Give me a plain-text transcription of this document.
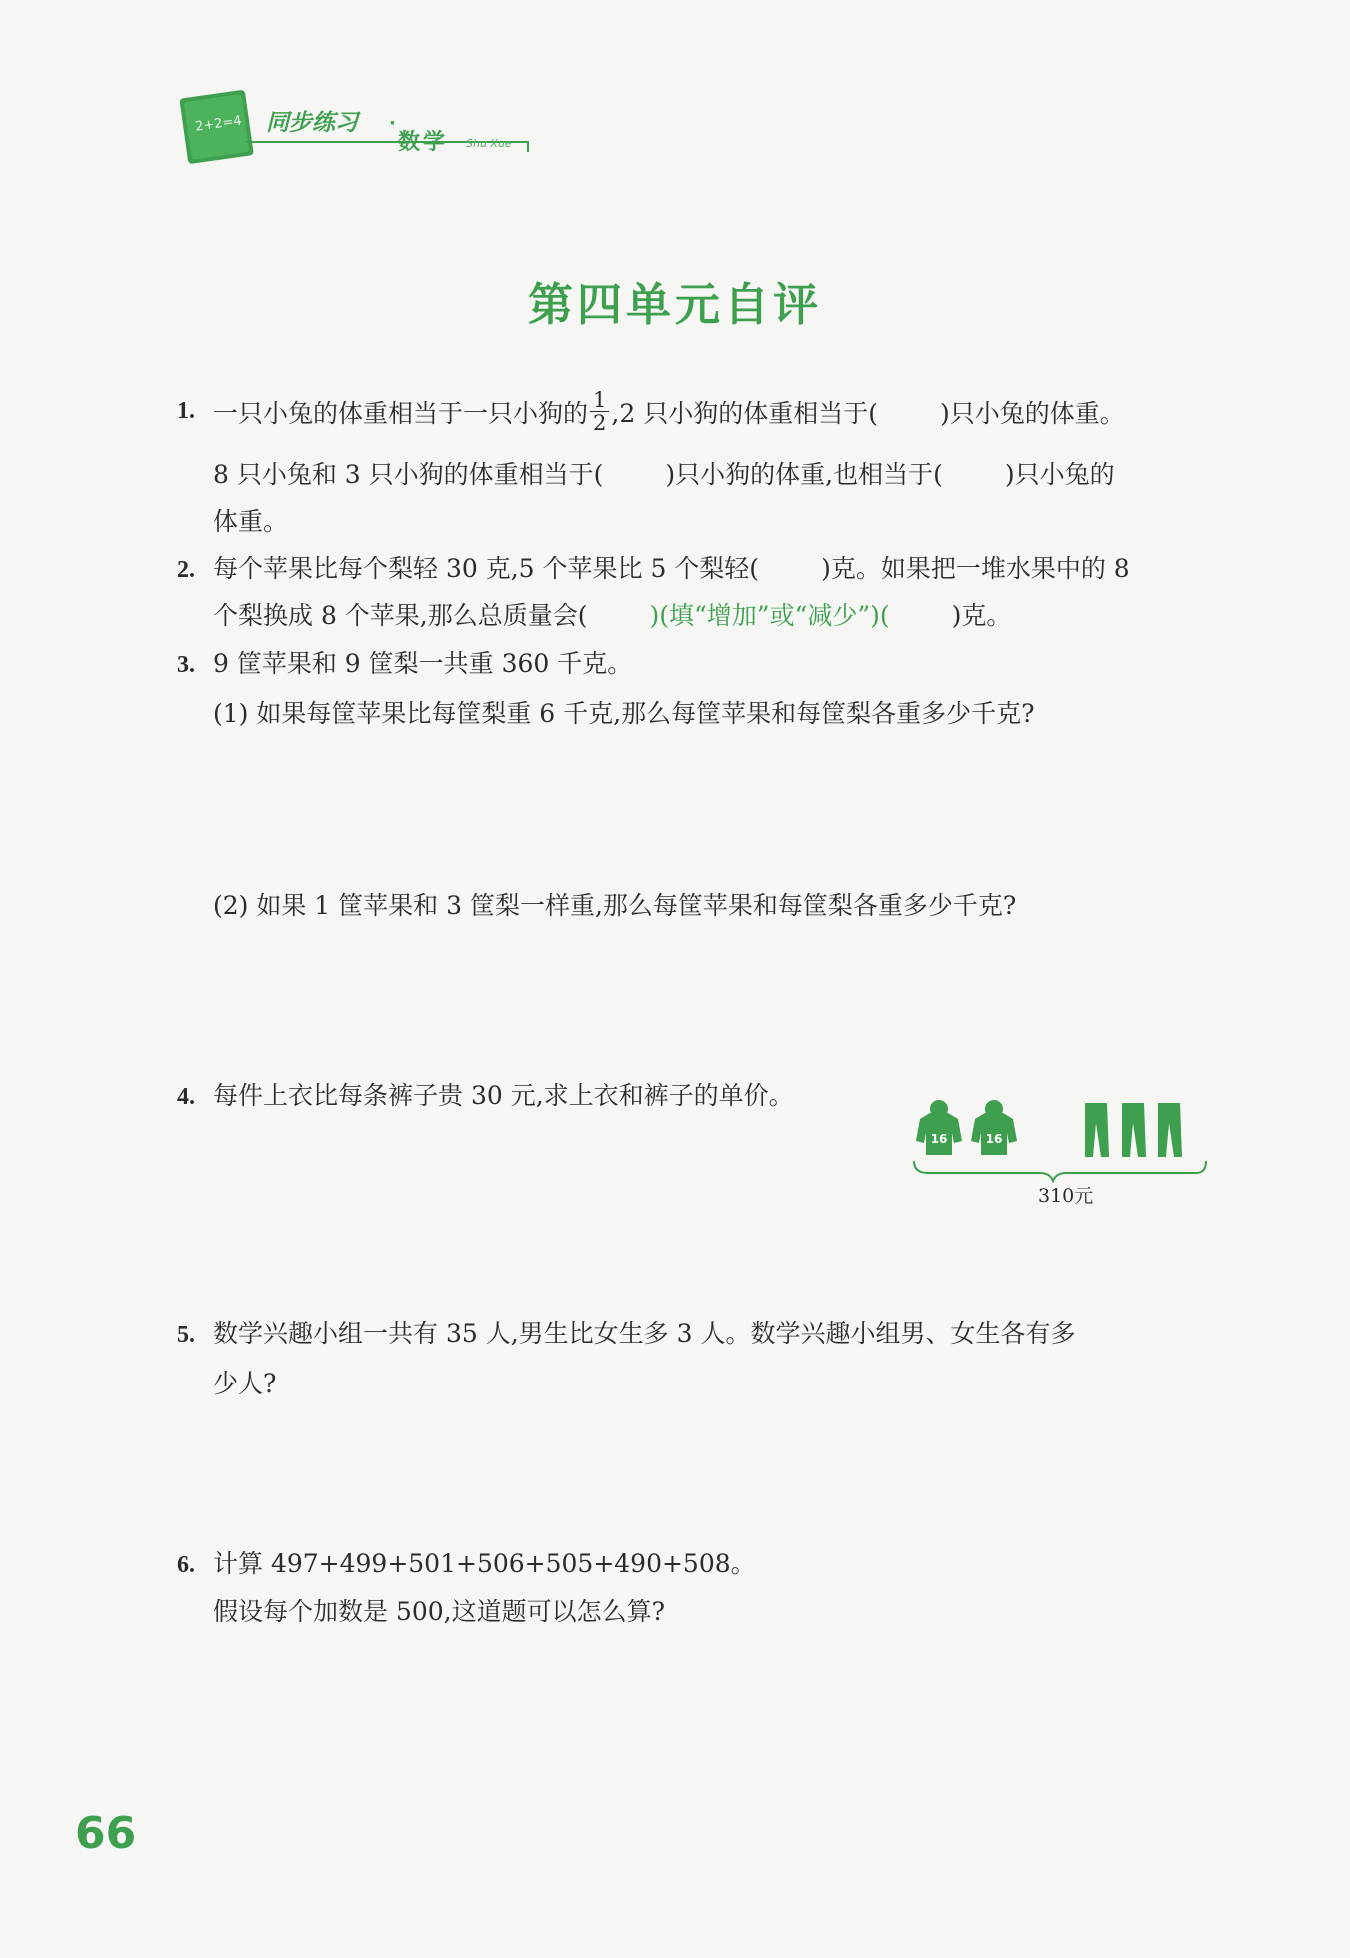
2+2=4 同步练习 ·
数学 Shu Xue
第四单元自评
1. 一只小兔的体重相当于一只小狗的 $\frac{1}{2} ,2$ 只小狗的体重相当于( )只小兔的体重。
8 只小兔和 3 只小狗的体重相当于( )只小狗的体重,也相当于( )只小兔的
体重。
2. 每个苹果比每个梨轻 30 克,5 个苹果比 5 个梨轻( )克。如果把一堆水果中的 8
个梨换成 8 个苹果,那么总质量会( )(填“增加”或“减少”)( )克。
3. 9 筐苹果和 9 筐梨一共重 360 千克。
(1) 如果每筐苹果比每筐梨重 6 千克,那么每筐苹果和每筐梨各重多少千克?
(2) 如果 1 筐苹果和 3 筐梨一样重,那么每筐苹果和每筐梨各重多少千克?
4. 每件上衣比每条裤子贵 30 元,求上衣和裤子的单价。
16	16
310元
5. 数学兴趣小组一共有 35 人,男生比女生多 3 人。数学兴趣小组男、女生各有多
少人?
6. 计算 497+499+501+506+505+490+508。
假设每个加数是 500,这道题可以怎么算?
66
